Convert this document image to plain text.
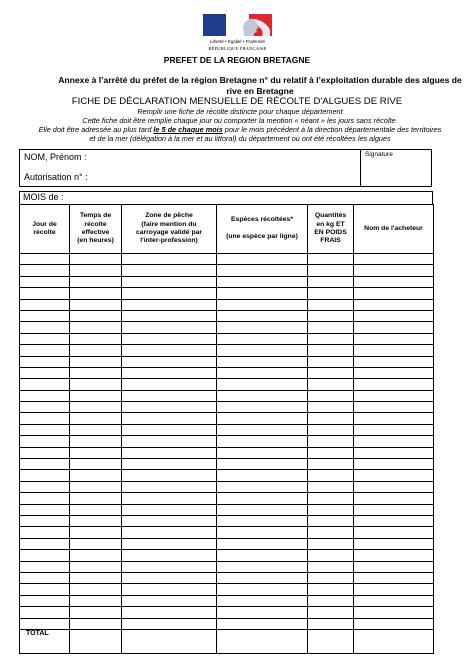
Liberté • Égalité • Fraternité
RÉPUBLIQUE FRANÇAISE
PREFET DE LA REGION BRETAGNE
Annexe à l’arrêté du préfet de la région Bretagne n° du relatif à l’exploitation durable des algues de rive en Bretagne
FICHE DE DÉCLARATION MENSUELLE DE RÉCOLTE D'ALGUES DE RIVE
Remplir une fiche de récolte distincte pour chaque département
Cette fiche doit être remplie chaque jour ou comporter la mention « néant » les jours sans récolte.
Elle doit être adressée au plus tard le 5 de chaque mois pour le mois précédent à la direction départementale des territoires et de la mer (délégation à la mer et au littoral) du département où ont été récoltées les algues
NOM, Prénom :
Autorisation n° :
Signature
MOIS de :
Jour de
récolte	Temps de
récolte
effective
(en heures)	Zone de pêche
(faire mention du
carroyage validé par
l'inter-profession)	Espèces récoltées*

(une espèce par ligne)	Quantités
en kg ET
EN POIDS
FRAIS	Nom de l'acheteur

TOTAL					
